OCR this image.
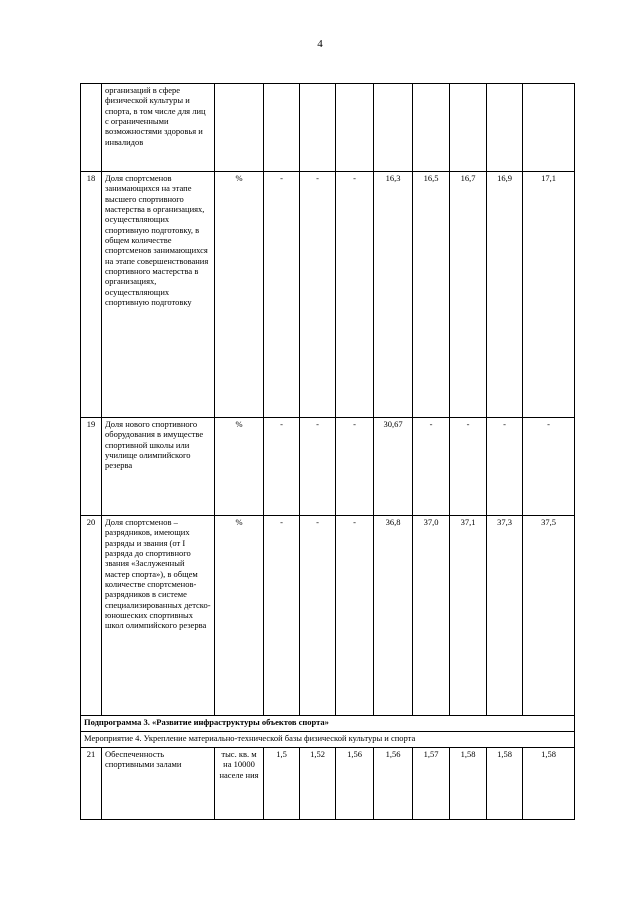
4
	организаций в сфере физической культуры и спорта, в том числе для лиц с ограниченными возможностями здоровья и инвалидов									
18	Доля спортсменов занимающихся на этапе высшего спортивного мастерства в организациях, осуществляющих спортивную подготовку, в общем количестве спортсменов занимающихся на этапе совершенствования спортивного мастерства в организациях, осуществляющих спортивную подготовку	%	-	-	-	16,3	16,5	16,7	16,9	17,1
19	Доля нового спортивного оборудования в имуществе спортивной школы или училище олимпийского резерва	%	-	-	-	30,67	-	-	-	-
20	Доля спортсменов – разрядников, имеющих разряды и звания (от I разряда до спортивного звания «Заслуженный мастер спорта»), в общем количестве спортсменов-разрядников в системе специализированных детско-юношеских спортивных школ олимпийского резерва	%	-	-	-	36,8	37,0	37,1	37,3	37,5
Подпрограмма 3. «Развитие инфраструктуры объектов спорта»										
Мероприятие 4. Укрепление материально-технической базы физической культуры и спорта										
21	Обеспеченность спортивными залами	тыс. кв. м на 10000 населе ния	1,5	1,52	1,56	1,56	1,57	1,58	1,58	1,58
